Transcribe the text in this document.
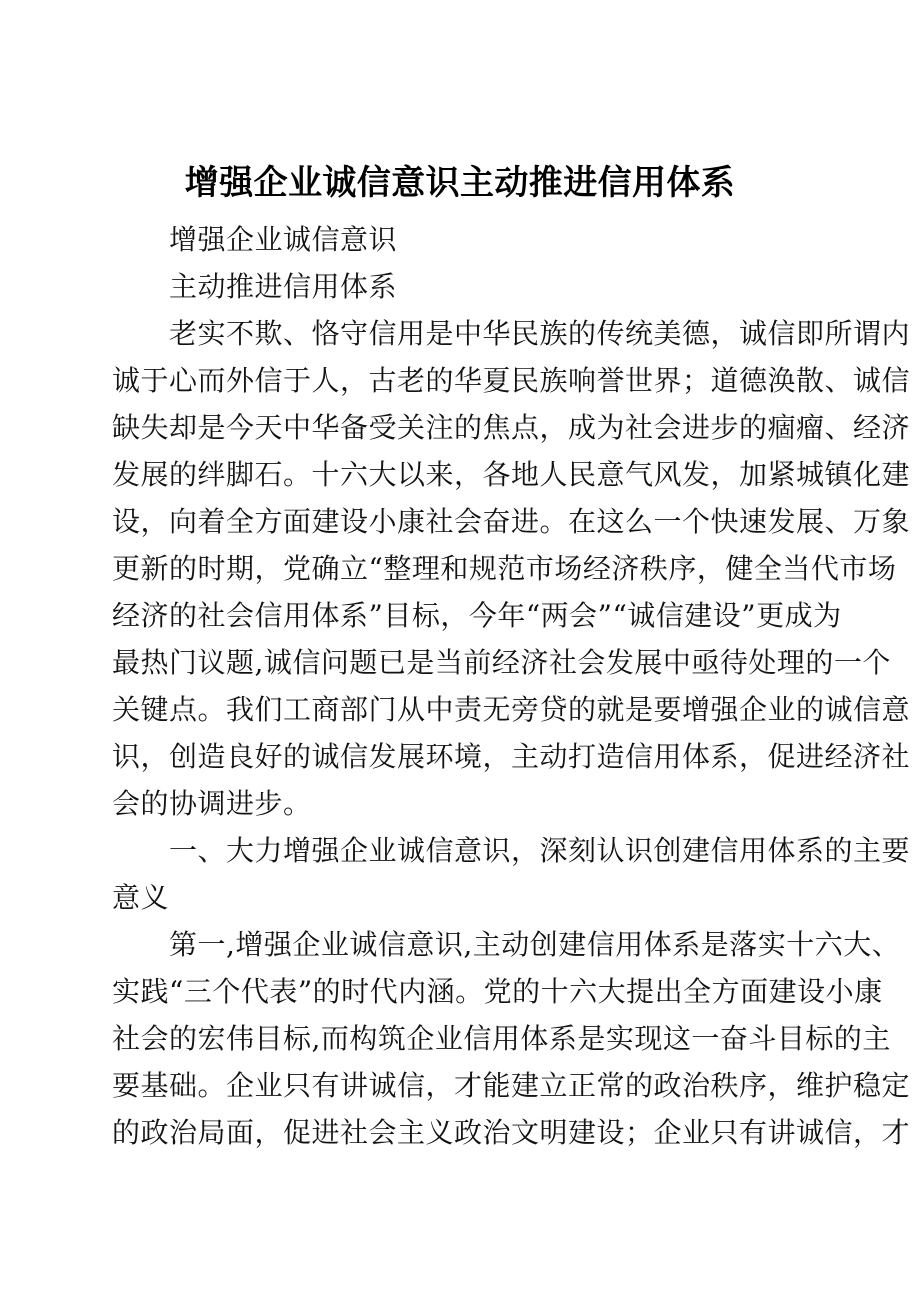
增强企业诚信意识主动推进信用体系
增强企业诚信意识
主动推进信用体系
老实不欺、恪守信用是中华民族的传统美德，诚信即所谓内
诚于心而外信于人，古老的华夏民族响誉世界；道德涣散、诚信
缺失却是今天中华备受关注的焦点，成为社会进步的痼瘤、经济
发展的绊脚石。十六大以来，各地人民意气风发，加紧城镇化建
设，向着全方面建设小康社会奋进。在这么一个快速发展、万象
更新的时期，党确立“整理和规范市场经济秩序，健全当代市场
经济的社会信用体系”目标，今年“两会”“诚信建设”更成为
最热门议题,诚信问题已是当前经济社会发展中亟待处理的一个
关键点。我们工商部门从中责无旁贷的就是要增强企业的诚信意
识，创造良好的诚信发展环境，主动打造信用体系，促进经济社
会的协调进步。
一、大力增强企业诚信意识，深刻认识创建信用体系的主要
意义
第一,增强企业诚信意识,主动创建信用体系是落实十六大、
实践“三个代表”的时代内涵。党的十六大提出全方面建设小康
社会的宏伟目标,而构筑企业信用体系是实现这一奋斗目标的主
要基础。企业只有讲诚信，才能建立正常的政治秩序，维护稳定
的政治局面，促进社会主义政治文明建设；企业只有讲诚信，才
